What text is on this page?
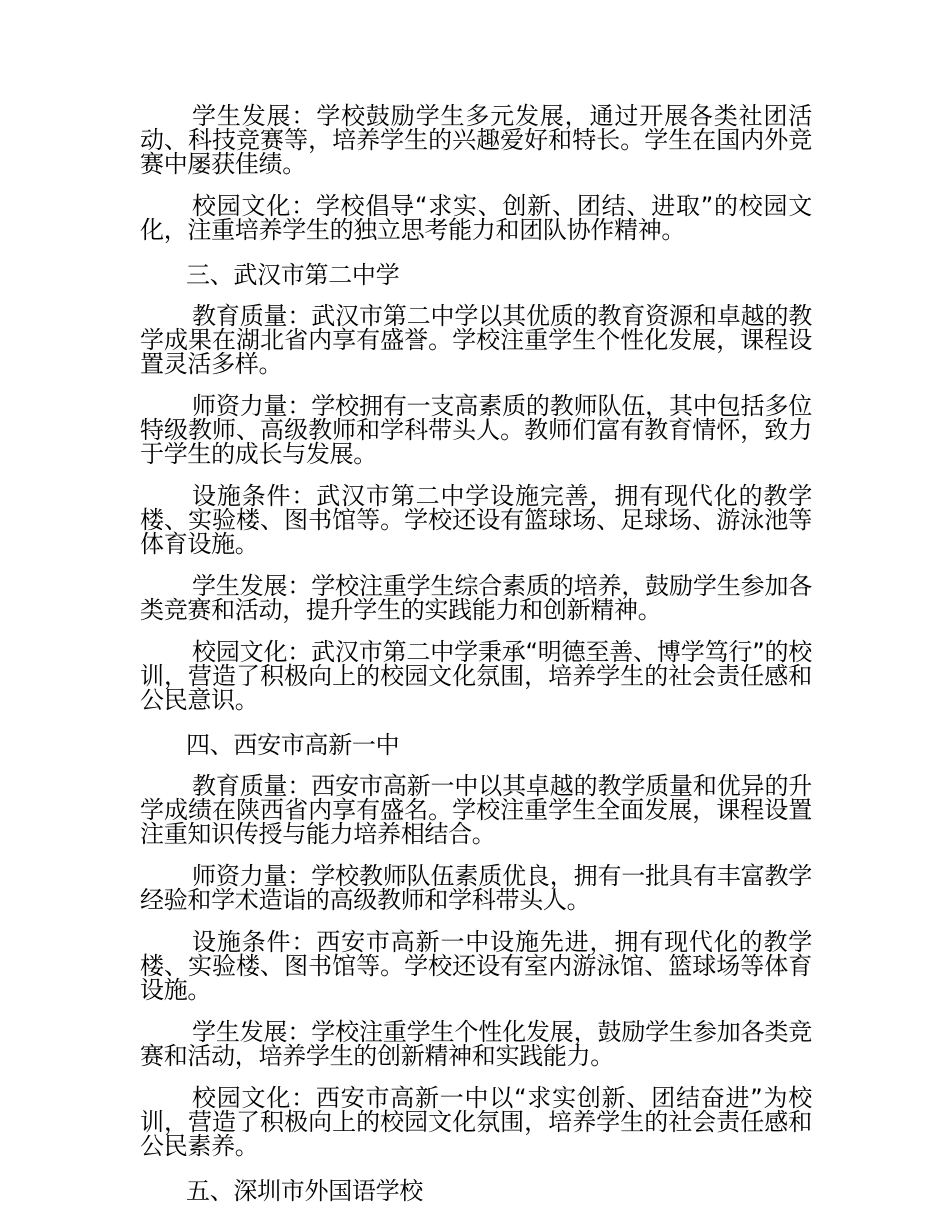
学生发展：学校鼓励学生多元发展，通过开展各类社团活动、科技竞赛等，培养学生的兴趣爱好和特长。学生在国内外竞赛中屡获佳绩。

校园文化：学校倡导“求实、创新、团结、进取”的校园文化，注重培养学生的独立思考能力和团队协作精神。

三、武汉市第二中学

教育质量：武汉市第二中学以其优质的教育资源和卓越的教学成果在湖北省内享有盛誉。学校注重学生个性化发展，课程设置灵活多样。

师资力量：学校拥有一支高素质的教师队伍，其中包括多位特级教师、高级教师和学科带头人。教师们富有教育情怀，致力于学生的成长与发展。

设施条件：武汉市第二中学设施完善，拥有现代化的教学楼、实验楼、图书馆等。学校还设有篮球场、足球场、游泳池等体育设施。

学生发展：学校注重学生综合素质的培养，鼓励学生参加各类竞赛和活动，提升学生的实践能力和创新精神。

校园文化：武汉市第二中学秉承“明德至善、博学笃行”的校训，营造了积极向上的校园文化氛围，培养学生的社会责任感和公民意识。

四、西安市高新一中

教育质量：西安市高新一中以其卓越的教学质量和优异的升学成绩在陕西省内享有盛名。学校注重学生全面发展，课程设置注重知识传授与能力培养相结合。

师资力量：学校教师队伍素质优良，拥有一批具有丰富教学经验和学术造诣的高级教师和学科带头人。

设施条件：西安市高新一中设施先进，拥有现代化的教学楼、实验楼、图书馆等。学校还设有室内游泳馆、篮球场等体育设施。

学生发展：学校注重学生个性化发展，鼓励学生参加各类竞赛和活动，培养学生的创新精神和实践能力。

校园文化：西安市高新一中以“求实创新、团结奋进”为校训，营造了积极向上的校园文化氛围，培养学生的社会责任感和公民素养。

五、深圳市外国语学校
